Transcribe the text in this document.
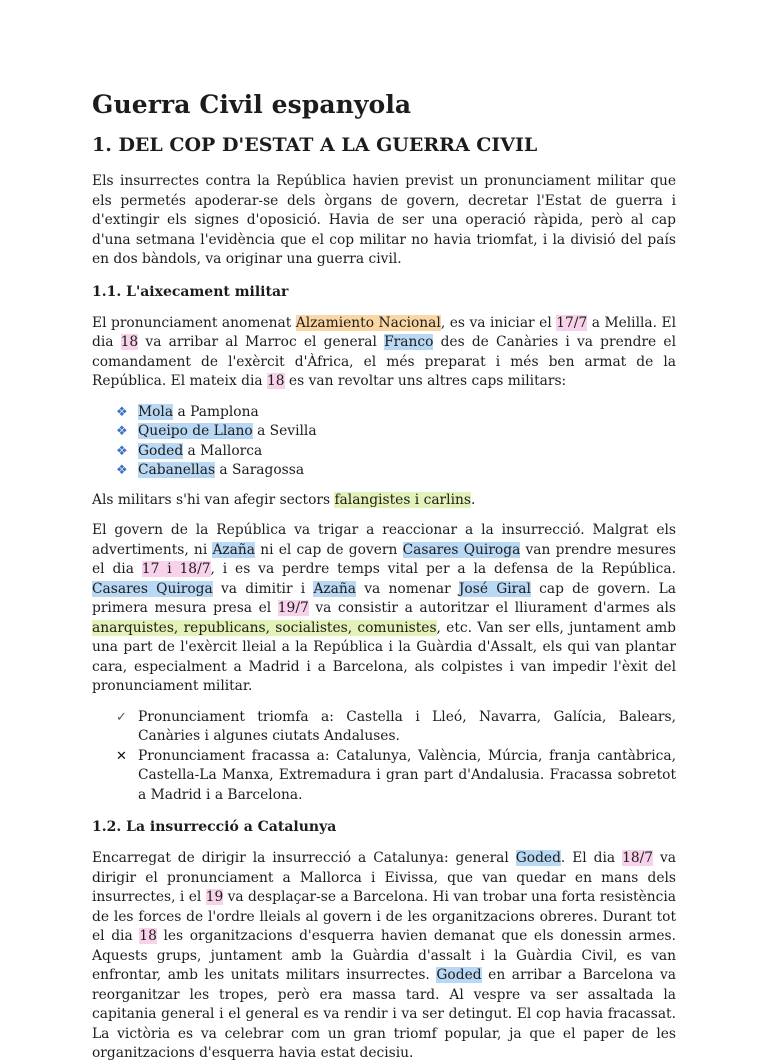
Guerra Civil espanyola
1. DEL COP D'ESTAT A LA GUERRA CIVIL

Els insurrectes contra la República havien previst un pronunciament militar que els permetés apoderar-se dels òrgans de govern, decretar l'Estat de guerra i d'extingir els signes d'oposició. Havia de ser una operació ràpida, però al cap d'una setmana l'evidència que el cop militar no havia triomfat, i la divisió del país en dos bàndols, va originar una guerra civil.

1.1. L'aixecament militar

El pronunciament anomenat Alzamiento Nacional, es va iniciar el 17/7 a Melilla. El dia 18 va arribar al Marroc el general Franco des de Canàries i va prendre el comandament de l'exèrcit d'Àfrica, el més preparat i més ben armat de la República. El mateix dia 18 es van revoltar uns altres caps militars:

❖ Mola a Pamplona
❖ Queipo de Llano a Sevilla
❖ Goded a Mallorca
❖ Cabanellas a Saragossa

Als militars s'hi van afegir sectors falangistes i carlins.

El govern de la República va trigar a reaccionar a la insurrecció. Malgrat els advertiments, ni Azaña ni el cap de govern Casares Quiroga van prendre mesures el dia 17 i 18/7, i es va perdre temps vital per a la defensa de la República. Casares Quiroga va dimitir i Azaña va nomenar José Giral cap de govern. La primera mesura presa el 19/7 va consistir a autoritzar el lliurament d'armes als anarquistes, republicans, socialistes, comunistes, etc. Van ser ells, juntament amb una part de l'exèrcit lleial a la República i la Guàrdia d'Assalt, els qui van plantar cara, especialment a Madrid i a Barcelona, als colpistes i van impedir l'èxit del pronunciament militar.

✓ Pronunciament triomfa a: Castella i Lleó, Navarra, Galícia, Balears, Canàries i algunes ciutats Andaluses.
✕ Pronunciament fracassa a: Catalunya, València, Múrcia, franja cantàbrica, Castella-La Manxa, Extremadura i gran part d'Andalusia. Fracassa sobretot a Madrid i a Barcelona.
1.2. La insurrecció a Catalunya

Encarregat de dirigir la insurrecció a Catalunya: general Goded. El dia 18/7 va dirigir el pronunciament a Mallorca i Eivissa, que van quedar en mans dels insurrectes, i el 19 va desplaçar-se a Barcelona. Hi van trobar una forta resistència de les forces de l'ordre lleials al govern i de les organitzacions obreres. Durant tot el dia 18 les organitzacions d'esquerra havien demanat que els donessin armes. Aquests grups, juntament amb la Guàrdia d'assalt i la Guàrdia Civil, es van enfrontar, amb les unitats militars insurrectes. Goded en arribar a Barcelona va reorganitzar les tropes, però era massa tard. Al vespre va ser assaltada la capitania general i el general es va rendir i va ser detingut. El cop havia fracassat. La victòria es va celebrar com un gran triomf popular, ja que el paper de les organitzacions d'esquerra havia estat decisiu.
